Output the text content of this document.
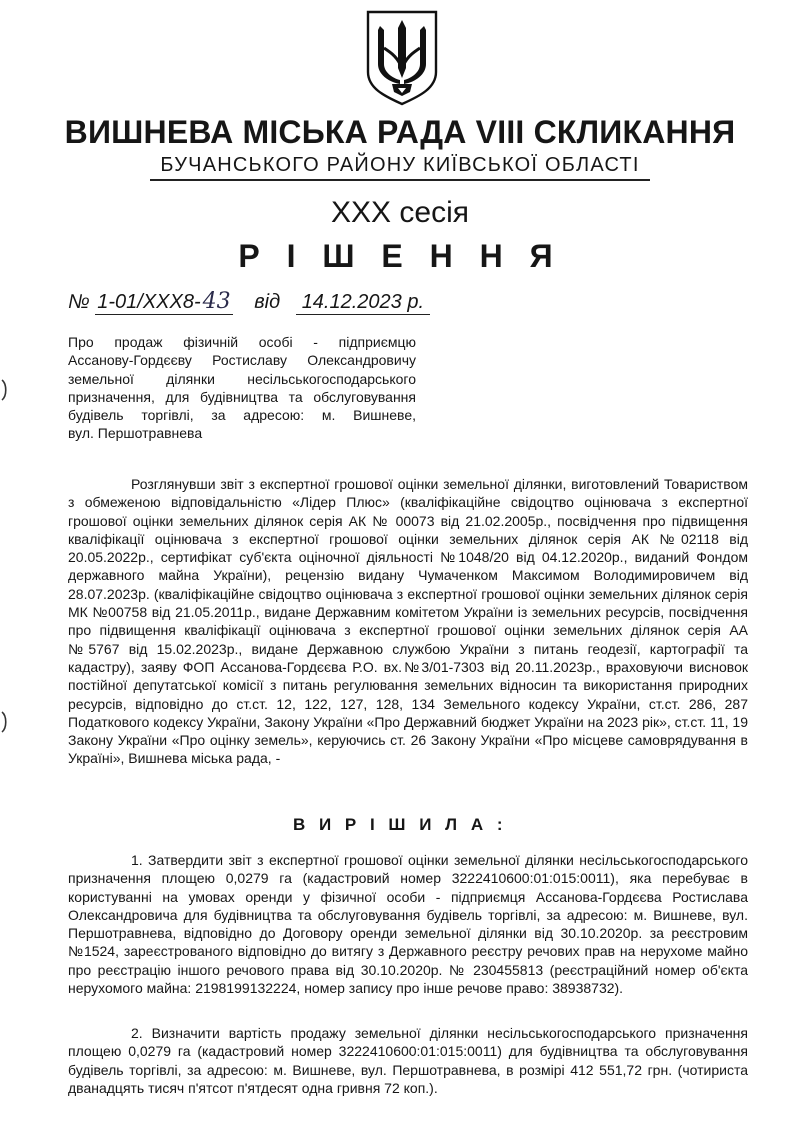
ВИШНЕВА МІСЬКА РАДА VIII СКЛИКАННЯ
БУЧАНСЬКОГО РАЙОНУ КИЇВСЬКОЇ ОБЛАСТІ
XXX сесія
Р І Ш Е Н Н Я
№ 1-01/XXX8-43 від 14.12.2023 р.
Про продаж фізичній особі - підприємцю
Ассанову-Гордєєву Ростиславу Олександровичу
земельної ділянки несільськогосподарського
призначення, для будівництва та обслуговування
будівель торгівлі, за адресою: м. Вишневе,
вул. Першотравнева
Розглянувши звіт з експертної грошової оцінки земельної ділянки, виготовлений Товариством з обмеженою відповідальністю «Лідер Плюс» (кваліфікаційне свідоцтво оцінювача з експертної грошової оцінки земельних ділянок серія АК № 00073 від 21.02.2005р., посвідчення про підвищення кваліфікації оцінювача з експертної грошової оцінки земельних ділянок серія АК №02118 від 20.05.2022р., сертифікат суб'єкта оціночної діяльності №1048/20 від 04.12.2020р., виданий Фондом державного майна України), рецензію видану Чумаченком Максимом Володимировичем від 28.07.2023р. (кваліфікаційне свідоцтво оцінювача з експертної грошової оцінки земельних ділянок серія МК №00758 від 21.05.2011р., видане Державним комітетом України із земельних ресурсів, посвідчення про підвищення кваліфікації оцінювача з експертної грошової оцінки земельних ділянок серія АА №5767 від 15.02.2023р., видане Державною службою України з питань геодезії, картографії та кадастру), заяву ФОП Ассанова-Гордєєва Р.О. вх.№3/01-7303 від 20.11.2023р., враховуючи висновок постійної депутатської комісії з питань регулювання земельних відносин та використання природних ресурсів, відповідно до ст.ст. 12, 122, 127, 128, 134 Земельного кодексу України, ст.ст. 286, 287 Податкового кодексу України, Закону України «Про Державний бюджет України на 2023 рік», ст.ст. 11, 19 Закону України «Про оцінку земель», керуючись ст. 26 Закону України «Про місцеве самоврядування в Україні», Вишнева міська рада, -
В И Р І Ш И Л А :
1. Затвердити звіт з експертної грошової оцінки земельної ділянки несільськогосподарського призначення площею 0,0279 га (кадастровий номер 3222410600:01:015:0011), яка перебуває в користуванні на умовах оренди у фізичної особи - підприємця Ассанова-Гордєєва Ростислава Олександровича для будівництва та обслуговування будівель торгівлі, за адресою: м. Вишневе, вул. Першотравнева, відповідно до Договору оренди земельної ділянки від 30.10.2020р. за реєстровим №1524, зареєстрованого відповідно до витягу з Державного реєстру речових прав на нерухоме майно про реєстрацію іншого речового права від 30.10.2020р. № 230455813 (реєстраційний номер об'єкта нерухомого майна: 2198199132224, номер запису про інше речове право: 38938732).
2. Визначити вартість продажу земельної ділянки несільськогосподарського призначення площею 0,0279 га (кадастровий номер 3222410600:01:015:0011) для будівництва та обслуговування будівель торгівлі, за адресою: м. Вишневе, вул. Першотравнева, в розмірі 412 551,72 грн. (чотириста дванадцять тисяч п'ятсот п'ятдесят одна гривня 72 коп.).
